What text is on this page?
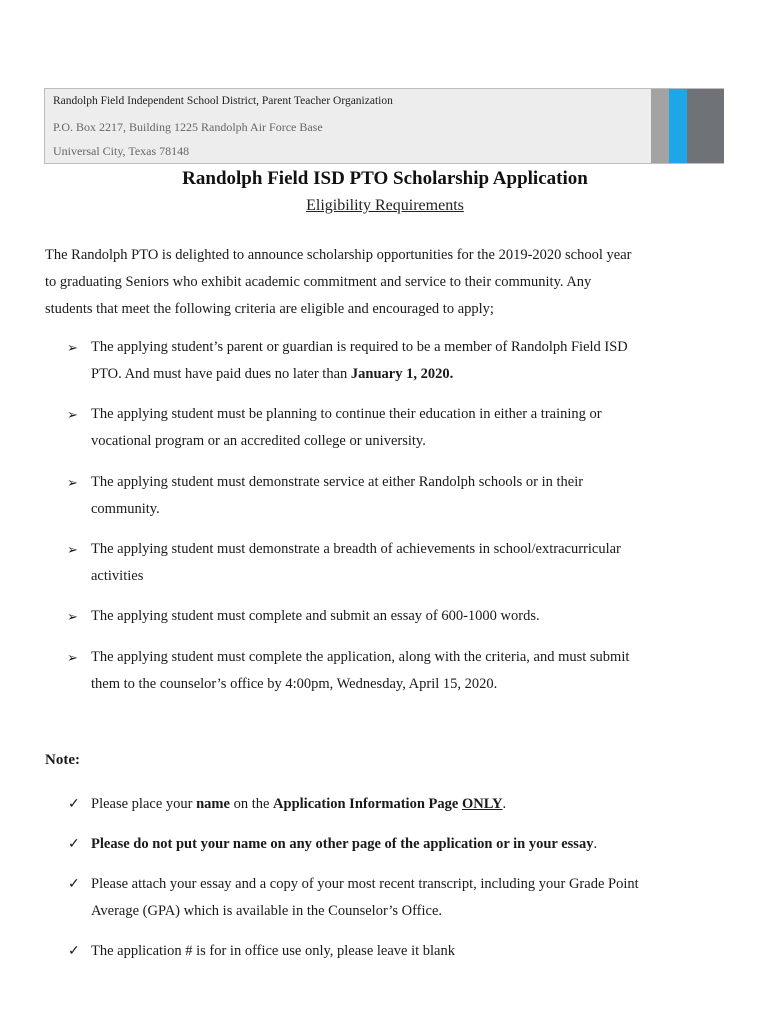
Randolph Field Independent School District, Parent Teacher Organization
P.O. Box 2217, Building 1225 Randolph Air Force Base
Universal City, Texas 78148
Randolph Field ISD PTO Scholarship Application
Eligibility Requirements
The Randolph PTO is delighted to announce scholarship opportunities for the 2019-2020 school year
to graduating Seniors who exhibit academic commitment and service to their community. Any
students that meet the following criteria are eligible and encouraged to apply;
➢ The applying student’s parent or guardian is required to be a member of Randolph Field ISD
PTO. And must have paid dues no later than January 1, 2020.
➢ The applying student must be planning to continue their education in either a training or
vocational program or an accredited college or university.
➢ The applying student must demonstrate service at either Randolph schools or in their
community.
➢ The applying student must demonstrate a breadth of achievements in school/extracurricular
activities
➢ The applying student must complete and submit an essay of 600-1000 words.
➢ The applying student must complete the application, along with the criteria, and must submit
them to the counselor’s office by 4:00pm, Wednesday, April 15, 2020.
Note:
✓ Please place your name on the Application Information Page ONLY.
✓ Please do not put your name on any other page of the application or in your essay.
✓ Please attach your essay and a copy of your most recent transcript, including your Grade Point
Average (GPA) which is available in the Counselor’s Office.
✓ The application # is for in office use only, please leave it blank
